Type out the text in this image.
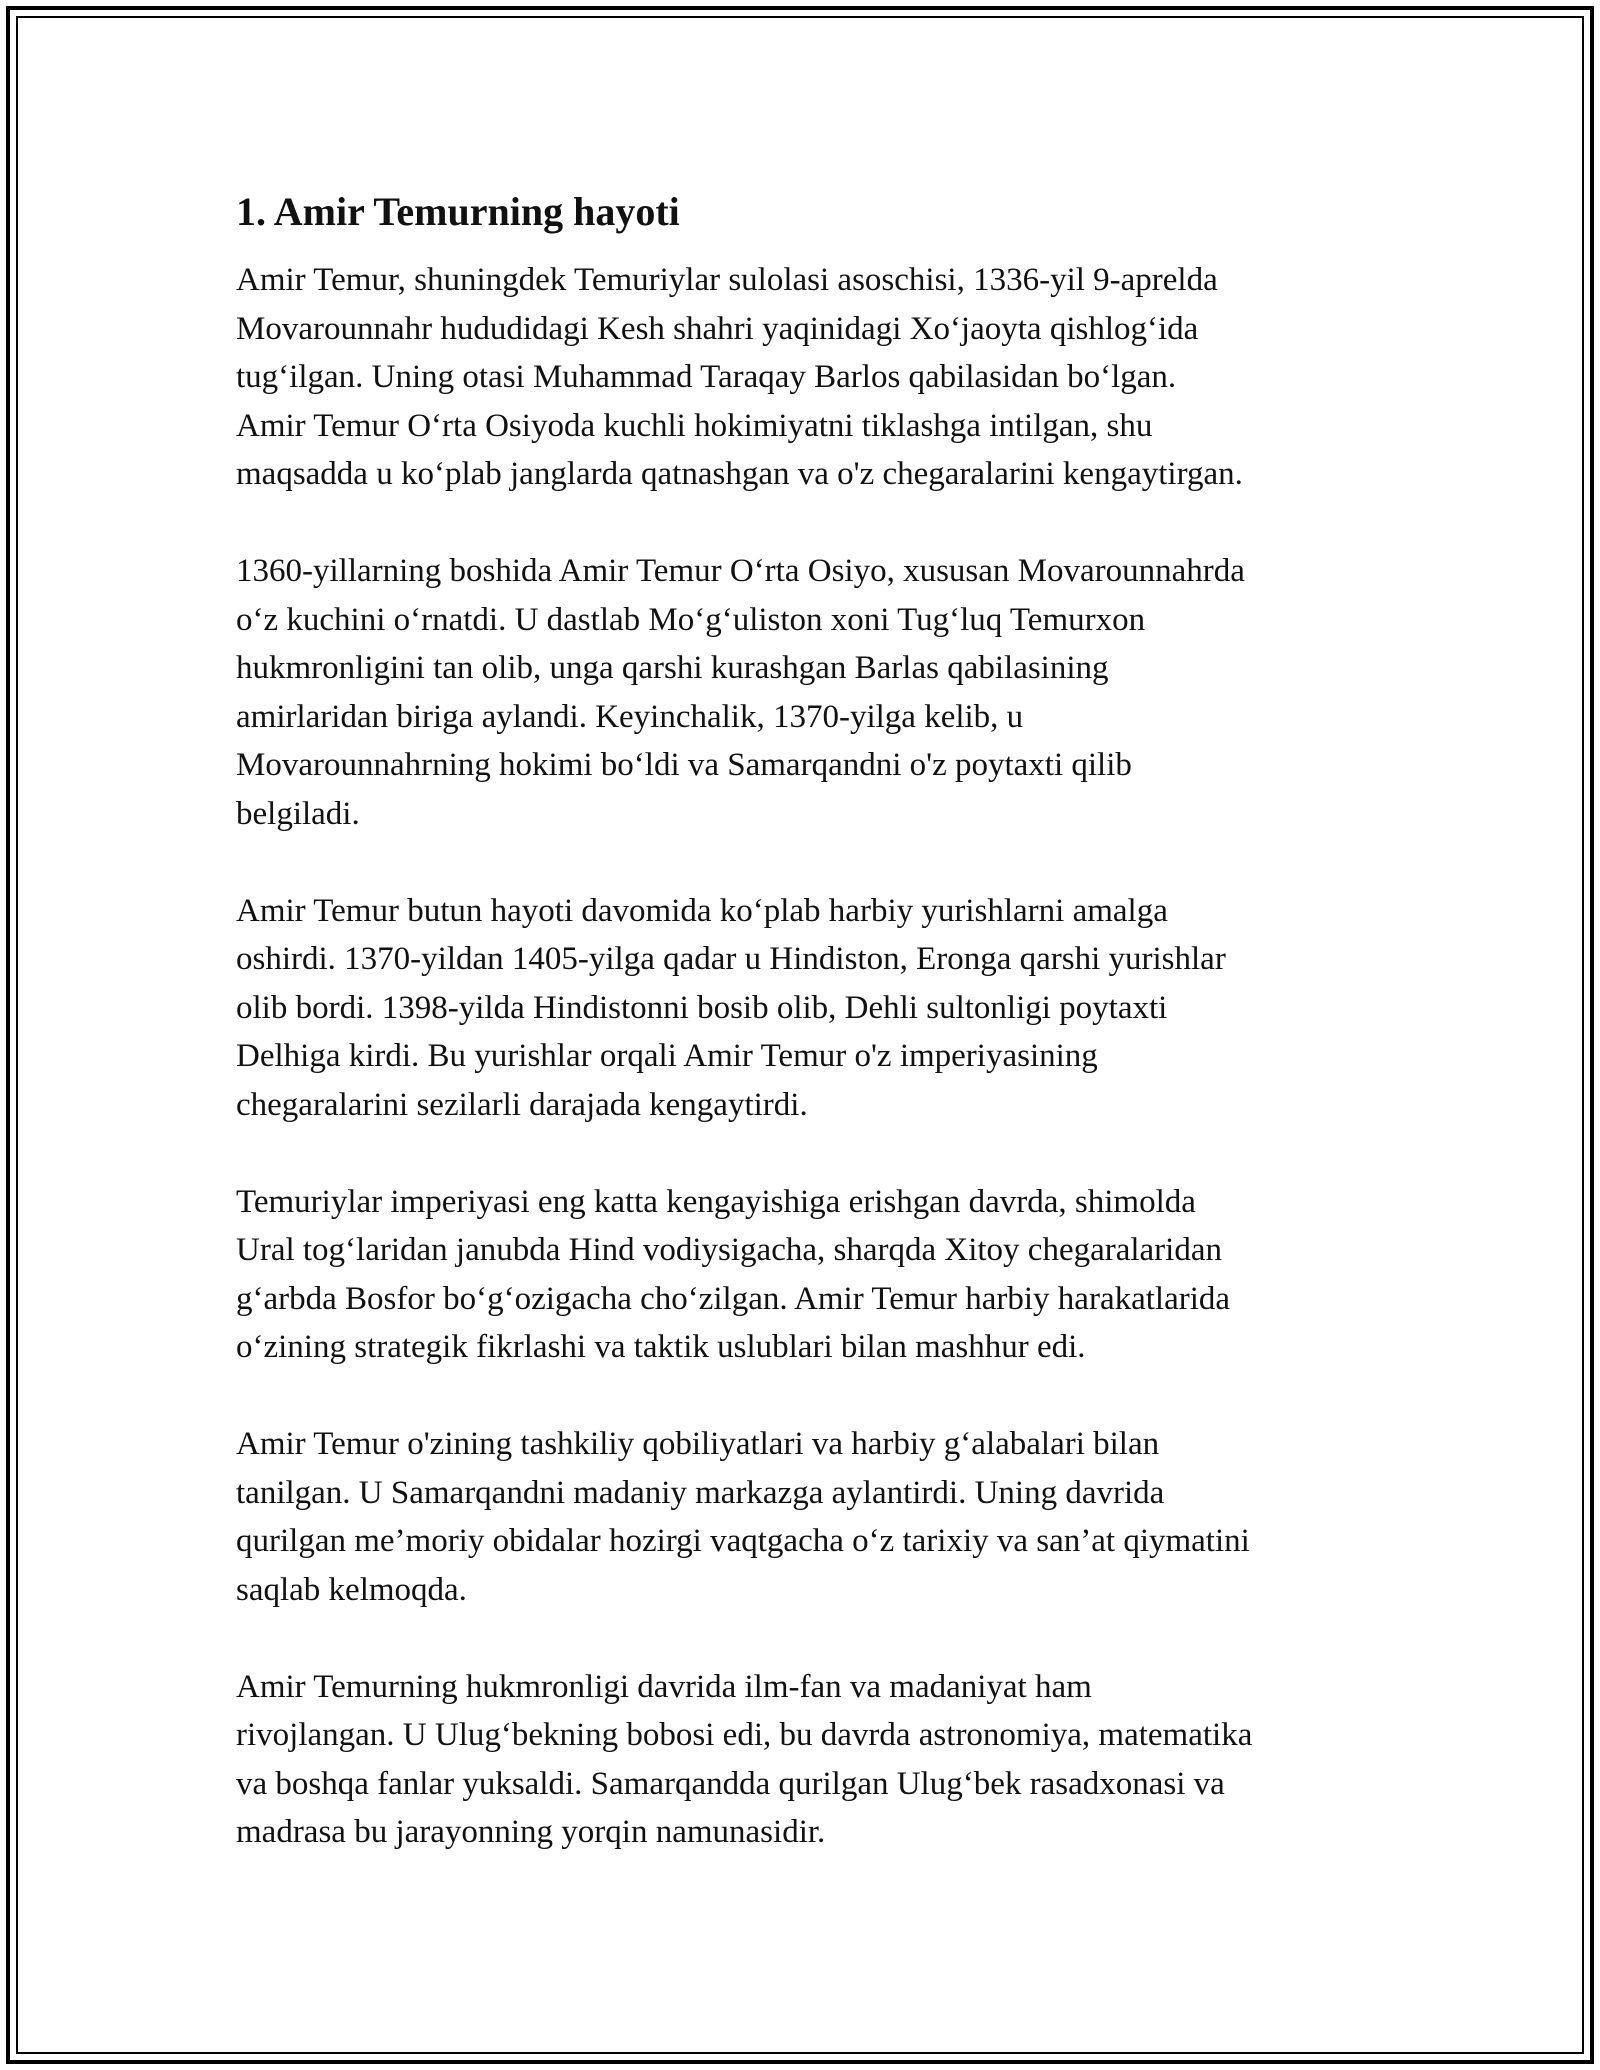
1. Amir Temurning hayoti
Amir Temur, shuningdek Temuriylar sulolasi asoschisi, 1336-yil 9-aprelda
Movarounnahr hududidagi Kesh shahri yaqinidagi Xo‘jaoyta qishlog‘ida
tug‘ilgan. Uning otasi Muhammad Taraqay Barlos qabilasidan bo‘lgan.
Amir Temur O‘rta Osiyoda kuchli hokimiyatni tiklashga intilgan, shu
maqsadda u ko‘plab janglarda qatnashgan va o'z chegaralarini kengaytirgan.
1360-yillarning boshida Amir Temur O‘rta Osiyo, xususan Movarounnahrda
o‘z kuchini o‘rnatdi. U dastlab Mo‘g‘uliston xoni Tug‘luq Temurxon
hukmronligini tan olib, unga qarshi kurashgan Barlas qabilasining
amirlaridan biriga aylandi. Keyinchalik, 1370-yilga kelib, u
Movarounnahrning hokimi bo‘ldi va Samarqandni o'z poytaxti qilib
belgiladi.
Amir Temur butun hayoti davomida ko‘plab harbiy yurishlarni amalga
oshirdi. 1370-yildan 1405-yilga qadar u Hindiston, Eronga qarshi yurishlar
olib bordi. 1398-yilda Hindistonni bosib olib, Dehli sultonligi poytaxti
Delhiga kirdi. Bu yurishlar orqali Amir Temur o'z imperiyasining
chegaralarini sezilarli darajada kengaytirdi.
Temuriylar imperiyasi eng katta kengayishiga erishgan davrda, shimolda
Ural tog‘laridan janubda Hind vodiysigacha, sharqda Xitoy chegaralaridan
g‘arbda Bosfor bo‘g‘ozigacha cho‘zilgan. Amir Temur harbiy harakatlarida
o‘zining strategik fikrlashi va taktik uslublari bilan mashhur edi.
Amir Temur o'zining tashkiliy qobiliyatlari va harbiy g‘alabalari bilan
tanilgan. U Samarqandni madaniy markazga aylantirdi. Uning davrida
qurilgan me’moriy obidalar hozirgi vaqtgacha o‘z tarixiy va san’at qiymatini
saqlab kelmoqda.
Amir Temurning hukmronligi davrida ilm-fan va madaniyat ham
rivojlangan. U Ulug‘bekning bobosi edi, bu davrda astronomiya, matematika
va boshqa fanlar yuksaldi. Samarqandda qurilgan Ulug‘bek rasadxonasi va
madrasa bu jarayonning yorqin namunasidir.
